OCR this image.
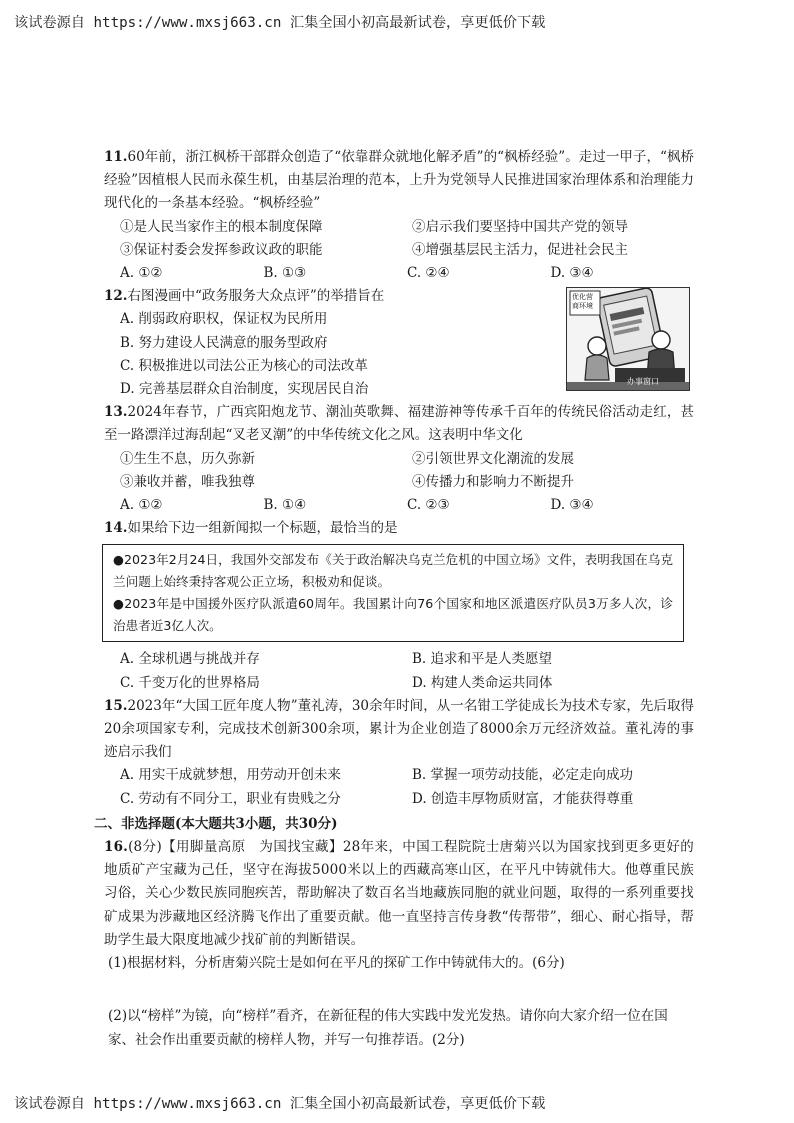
该试卷源自 https://www.mxsj663.cn 汇集全国小初高最新试卷，享更低价下载

11.60年前，浙江枫桥干部群众创造了“依靠群众就地化解矛盾”的“枫桥经验”。走过一甲子，“枫桥经验”因植根人民而永葆生机，由基层治理的范本，上升为党领导人民推进国家治理体系和治理能力现代化的一条基本经验。“枫桥经验”

①是人民当家作主的根本制度保障	②启示我们要坚持中国共产党的领导
③保证村委会发挥参政议政的职能	④增强基层民主活力，促进社会民主
A. ①②	B. ①③	C. ②④	D. ③④

12.右图漫画中“政务服务大众点评”的举措旨在

A. 削弱政府职权，保证权为民所用
B. 努力建设人民满意的服务型政府
C. 积极推进以司法公正为核心的司法改革
D. 完善基层群众自治制度，实现居民自治
优化营商环境
办事窗口

13.2024年春节，广西宾阳炮龙节、潮汕英歌舞、福建游神等传承千百年的传统民俗活动走红，甚至一路漂洋过海刮起“叉老叉潮”的中华传统文化之风。这表明中华文化

①生生不息，历久弥新	②引领世界文化潮流的发展
③兼收并蓄，唯我独尊	④传播力和影响力不断提升
A. ①②	B. ①④	C. ②③	D. ③④

14.如果给下边一组新闻拟一个标题，最恰当的是

●2023年2月24日，我国外交部发布《关于政治解决乌克兰危机的中国立场》文件，表明我国在乌克兰问题上始终秉持客观公正立场，积极劝和促谈。

●2023年是中国援外医疗队派遣60周年。我国累计向76个国家和地区派遣医疗队员3万多人次，诊治患者近3亿人次。

A. 全球机遇与挑战并存	B. 追求和平是人类愿望
C. 千变万化的世界格局	D. 构建人类命运共同体

15.2023年“大国工匠年度人物”董礼涛，30余年时间，从一名钳工学徒成长为技术专家，先后取得20余项国家专利，完成技术创新300余项，累计为企业创造了8000余万元经济效益。董礼涛的事迹启示我们

A. 用实干成就梦想，用劳动开创未来	B. 掌握一项劳动技能，必定走向成功
C. 劳动有不同分工，职业有贵贱之分	D. 创造丰厚物质财富，才能获得尊重
二、非选择题(本大题共3小题，共30分)

16.(8分)【用脚量高原　为国找宝藏】28年来，中国工程院院士唐菊兴以为国家找到更多更好的地质矿产宝藏为己任，坚守在海拔5000米以上的西藏高寒山区，在平凡中铸就伟大。他尊重民族习俗，关心少数民族同胞疾苦，帮助解决了数百名当地藏族同胞的就业问题，取得的一系列重要找矿成果为涉藏地区经济腾飞作出了重要贡献。他一直坚持言传身教“传帮带”，细心、耐心指导，帮助学生最大限度地减少找矿前的判断错误。

(1)根据材料，分析唐菊兴院士是如何在平凡的探矿工作中铸就伟大的。(6分)

(2)以“榜样”为镜，向“榜样”看齐，在新征程的伟大实践中发光发热。请你向大家介绍一位在国家、社会作出重要贡献的榜样人物，并写一句推荐语。(2分)

该试卷源自 https://www.mxsj663.cn 汇集全国小初高最新试卷，享更低价下载
